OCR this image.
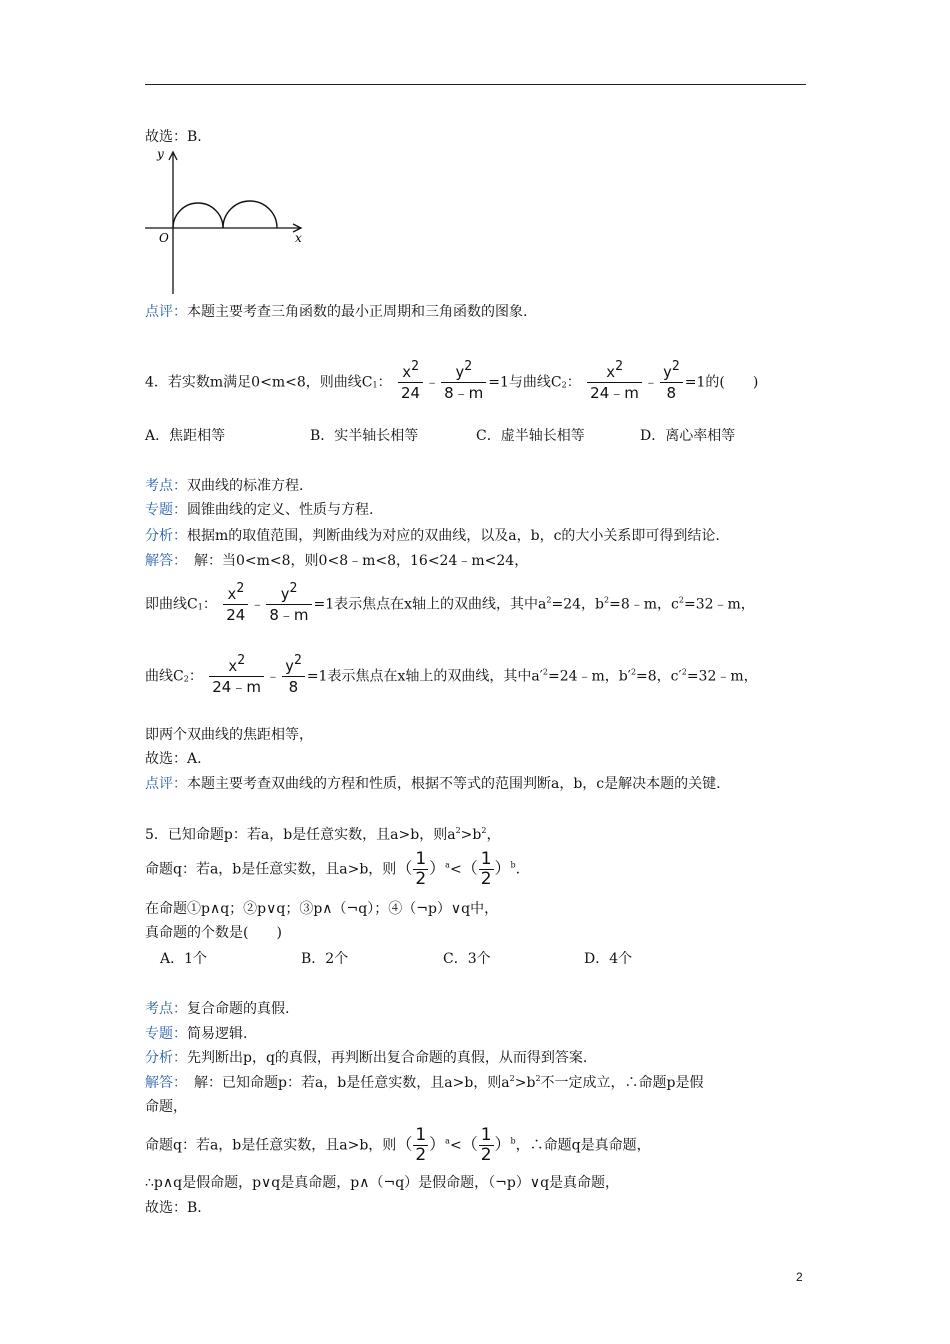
故选：B.
y
x
O
点评：本题主要考查三角函数的最小正周期和三角函数的图象.
4．若实数m满足0<m<8，则曲线$C_1$： $\frac{x^2}{24}$ ﹣ $\frac{y^2}{8﹣m} =1$与曲线$C_2$： $\frac{x^2}{24﹣m}$ ﹣ $\frac{y^2}{8} =1$的(　　)
A．焦距相等	B．实半轴长相等	C．虚半轴长相等	D．离心率相等
考点：双曲线的标准方程.
专题：圆锥曲线的定义、性质与方程.
分析：根据m的取值范围，判断曲线为对应的双曲线，以及a，b，c的大小关系即可得到结论.
解答：　解：当0<m<8，则0<8﹣m<8，16<24﹣m<24，
即曲线$C_1$： $\frac{x^2}{24}$ ﹣ $\frac{y^2}{8﹣m} =1$表示焦点在x轴上的双曲线，其中$a^2=24$，$b^2=8﹣m$，$c^2=32﹣m$，
曲线$C_2$： $\frac{x^2}{24﹣m}$ ﹣ $\frac{y^2}{8} =1$表示焦点在x轴上的双曲线，其中$a'^2=24﹣m$，$b'^2=8$，$c'^2=32﹣m$，
即两个双曲线的焦距相等，
故选：A.
点评：本题主要考查双曲线的方程和性质，根据不等式的范围判断a，b，c是解决本题的关键.
5．已知命题p：若a，b是任意实数，且a>b，则$a^2>b^2$，
命题q：若a，b是任意实数，且a>b，则（ $\frac{1}{2} )^a<( \frac{1}{2} )^b$.
在命题①p∧q；②p∨q；③p∧（¬q）；④（¬p）∨q中，
真命题的个数是(　　)
A．1个	B．2个	C．3个	D．4个
考点：复合命题的真假.
专题：简易逻辑.
分析：先判断出p，q的真假，再判断出复合命题的真假，从而得到答案.
解答：　解：已知命题p：若a，b是任意实数，且a>b，则$a^2>b^2$不一定成立，∴命题p是假
命题，
命题q：若a，b是任意实数，且a>b，则（ $\frac{1}{2} )^a<( \frac{1}{2} )^b$，∴命题q是真命题，
∴p∧q是假命题，p∨q是真命题，p∧（¬q）是假命题，（¬p）∨q是真命题，
故选：B.
2
